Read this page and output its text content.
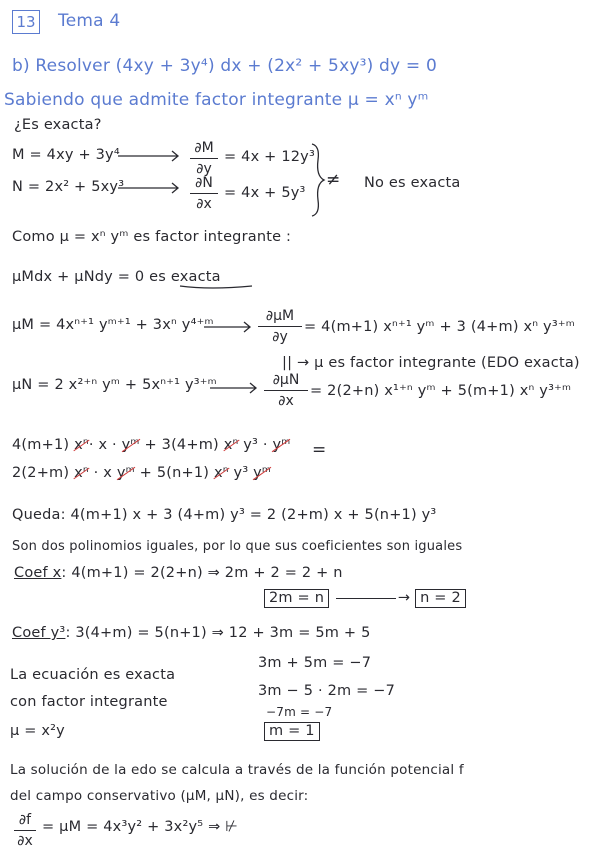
13 Tema 4
b) Resolver (4xy + 3y⁴) dx + (2x² + 5xy³) dy = 0
Sabiendo que admite factor integrante μ = xⁿ yᵐ
¿Es exacta?
M = 4xy + 3y⁴
N = 2x² + 5xy³
∂M
∂y
= 4x + 12y³
∂N
∂x
= 4x + 5y³
≠ No es exacta
Como μ = xⁿ yᵐ es factor integrante :
μMdx + μNdy = 0 es exacta
μM = 4xⁿ⁺¹ yᵐ⁺¹ + 3xⁿ y⁴⁺ᵐ
∂μM
∂y
= 4(m+1) xⁿ⁺¹ yᵐ + 3 (4+m) xⁿ y³⁺ᵐ
|| → μ es factor integrante (EDO exacta)
μN = 2 x²⁺ⁿ yᵐ + 5xⁿ⁺¹ y³⁺ᵐ	∂μN
∂x
= 2(2+n) x¹⁺ⁿ yᵐ + 5(m+1) xⁿ y³⁺ᵐ
4(m+1) xⁿ· x · yᵐ + 3(4+m) xⁿ y³ · yᵐ =
2(2+m) xⁿ · x yᵐ + 5(n+1) xⁿ y³ yᵐ
Queda: 4(m+1) x + 3 (4+m) y³ = 2 (2+m) x + 5(n+1) y³
Son dos polinomios iguales, por lo que sus coeficientes son iguales
Coef x: 4(m+1) = 2(2+n) ⇒ 2m + 2 = 2 + n
2m = n	→ n = 2
Coef y³: 3(4+m) = 5(n+1) ⇒ 12 + 3m = 5m + 5
3m + 5m = −7
3m − 5 · 2m = −7
−7m = −7
m = 1
La ecuación es exacta
con factor integrante
μ = x²y
La solución de la edo se calcula a través de la función potencial f
del campo conservativo (μM, μN), es decir:
∂f
∂x
= μM = 4x³y² + 3x²y⁵ ⇒ ⊬
